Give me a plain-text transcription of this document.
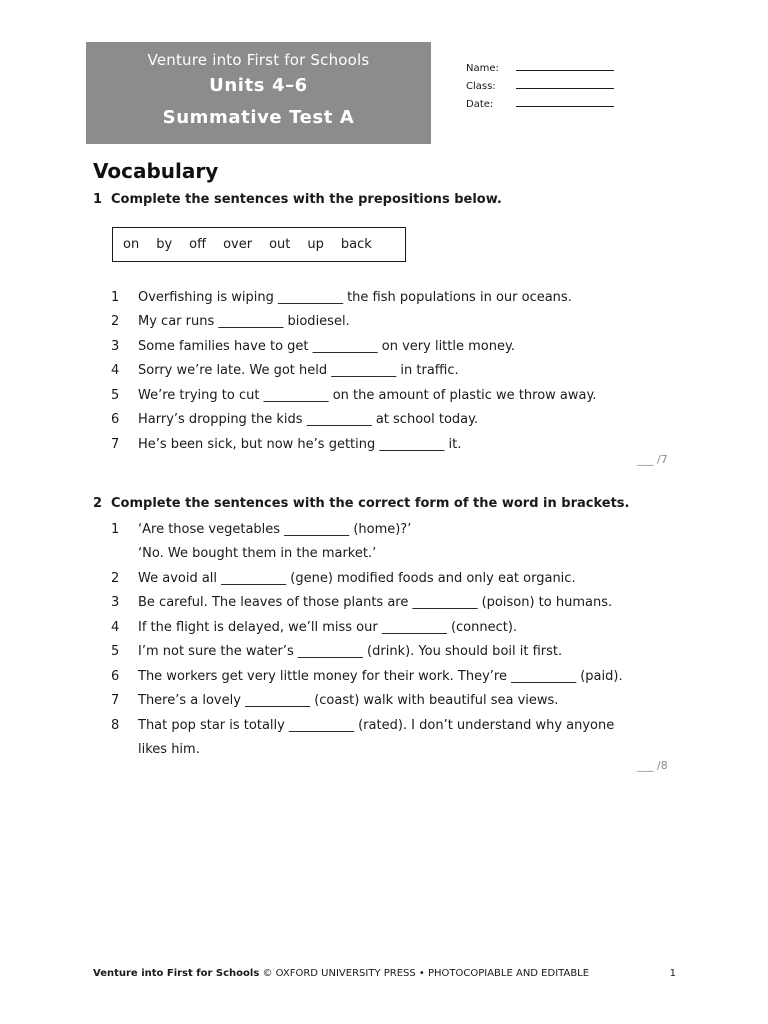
Venture into First for Schools
Units 4–6
Summative Test A
Name:
Class:
Date:
Vocabulary
1 Complete the sentences with the prepositions below.
on by off over out up back
1	Overfishing is wiping __________ the fish populations in our oceans.
2	My car runs __________ biodiesel.
3	Some families have to get __________ on very little money.
4	Sorry we’re late. We got held __________ in traffic.
5	We’re trying to cut __________ on the amount of plastic we throw away.
6	Harry’s dropping the kids __________ at school today.
7	He’s been sick, but now he’s getting __________ it.
___ /7
2 Complete the sentences with the correct form of the word in brackets.
1	‘Are those vegetables __________ (home)?’
‘No. We bought them in the market.’
2	We avoid all __________ (gene) modified foods and only eat organic.
3	Be careful. The leaves of those plants are __________ (poison) to humans.
4	If the flight is delayed, we’ll miss our __________ (connect).
5	I’m not sure the water’s __________ (drink). You should boil it first.
6	The workers get very little money for their work. They’re __________ (paid).
7	There’s a lovely __________ (coast) walk with beautiful sea views.
8	That pop star is totally __________ (rated). I don’t understand why anyone
likes him.
___ /8
Venture into First for Schools © OXFORD UNIVERSITY PRESS • PHOTOCOPIABLE AND EDITABLE	1
